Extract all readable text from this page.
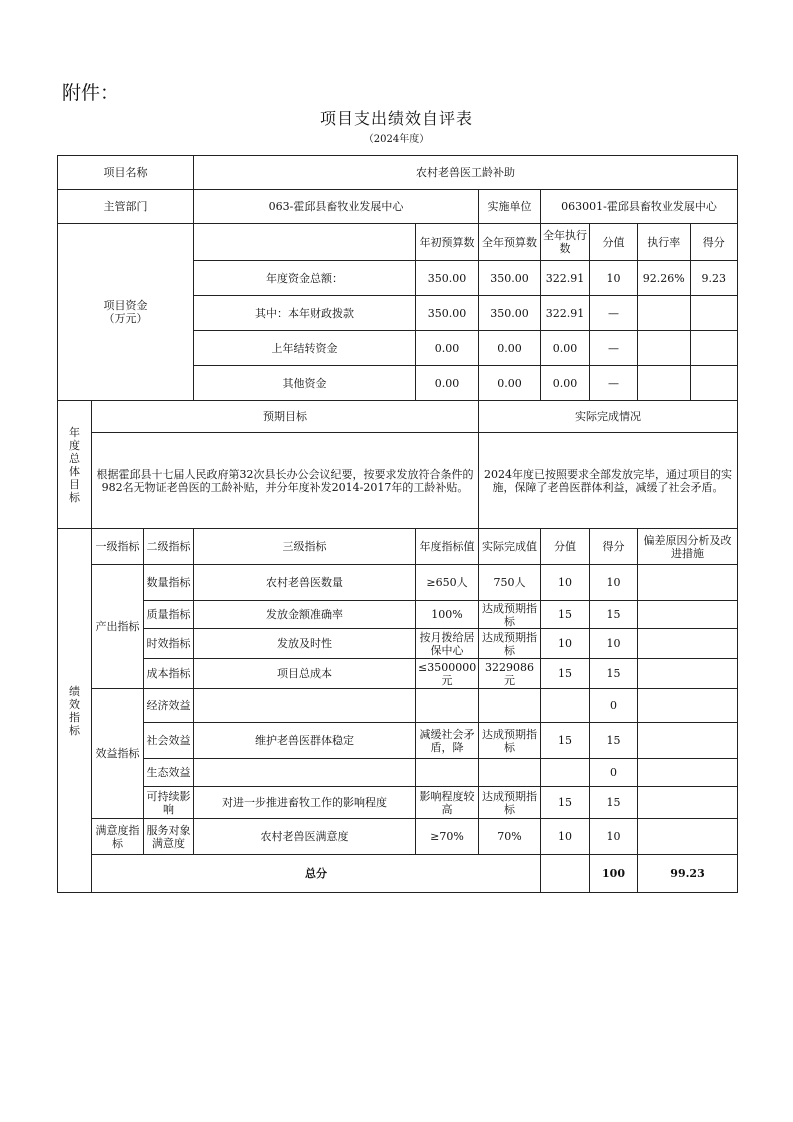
附件：
项目支出绩效自评表
（2024年度）
项目名称	农村老兽医工龄补助
主管部门	063-霍邱县畜牧业发展中心	实施单位	063001-霍邱县畜牧业发展中心
项目资金
（万元）		年初预算数	全年预算数	全年执行数	分值	执行率	得分

年度资金总额：	350.00	350.00	322.91	10	92.26%	9.23

其中：本年财政拨款	350.00	350.00	322.91	—	

上年结转资金	0.00	0.00	0.00	—	

其他资金	0.00	0.00	0.00	—	

年
度
总
体
目
标	预期目标	实际完成情况
根据霍邱县十七届人民政府第32次县长办公会议纪要，按要求发放符合条件的982名无物证老兽医的工龄补贴，并分年度补发2014-2017年的工龄补贴。	2024年度已按照要求全部发放完毕，通过项目的实施，保障了老兽医群体利益，减缓了社会矛盾。
绩
效
指
标	一级指标	二级指标	三级指标	年度指标值	实际完成值	分值	得分	偏差原因分析及改进措施
产出指标	数量指标	农村老兽医数量	≥650人	750人	10	10	
质量指标	发放金额准确率	100%	达成预期指标	15	15	
时效指标	发放及时性	按月拨给居保中心	达成预期指标	10	10	
成本指标	项目总成本	≤3500000元	3229086元	15	15	
效益指标	经济效益					0	
社会效益	维护老兽医群体稳定	减缓社会矛盾，降	达成预期指标	15	15	
生态效益					0	
可持续影响	对进一步推进畜牧工作的影响程度	影响程度较高	达成预期指标	15	15	
满意度指标	服务对象满意度	农村老兽医满意度	≥70%	70%	10	10	
总分		100	99.23	
